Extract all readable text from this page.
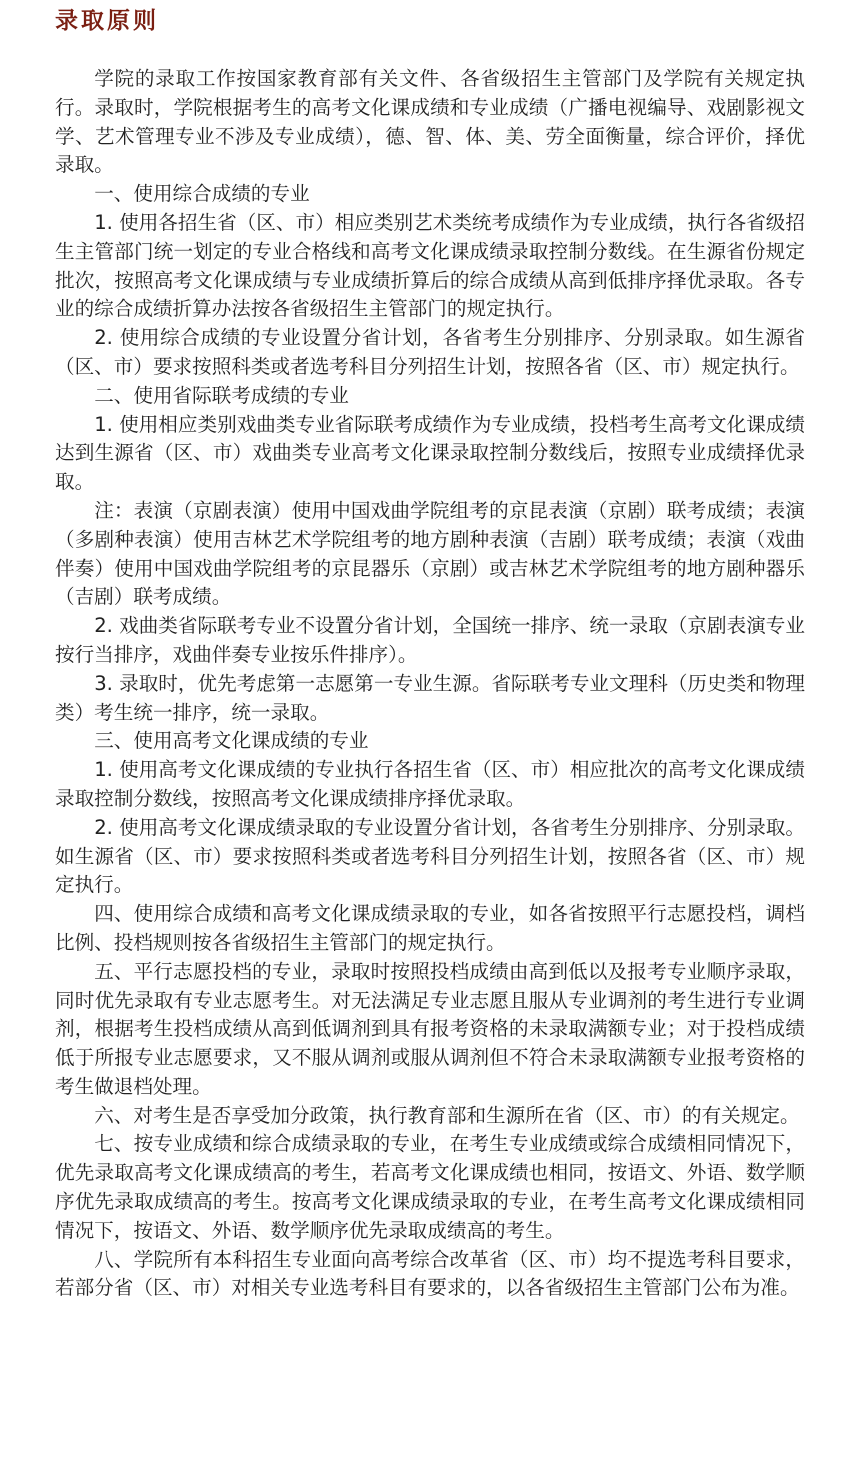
录取原则

学院的录取工作按国家教育部有关文件、各省级招生主管部门及学院有关规定执行。录取时，学院根据考生的高考文化课成绩和专业成绩（广播电视编导、戏剧影视文学、艺术管理专业不涉及专业成绩），德、智、体、美、劳全面衡量，综合评价，择优录取。

一、使用综合成绩的专业

1. 使用各招生省（区、市）相应类别艺术类统考成绩作为专业成绩，执行各省级招生主管部门统一划定的专业合格线和高考文化课成绩录取控制分数线。在生源省份规定批次，按照高考文化课成绩与专业成绩折算后的综合成绩从高到低排序择优录取。各专业的综合成绩折算办法按各省级招生主管部门的规定执行。

2. 使用综合成绩的专业设置分省计划，各省考生分别排序、分别录取。如生源省（区、市）要求按照科类或者选考科目分列招生计划，按照各省（区、市）规定执行。

二、使用省际联考成绩的专业

1. 使用相应类别戏曲类专业省际联考成绩作为专业成绩，投档考生高考文化课成绩达到生源省（区、市）戏曲类专业高考文化课录取控制分数线后，按照专业成绩择优录取。

注：表演（京剧表演）使用中国戏曲学院组考的京昆表演（京剧）联考成绩；表演（多剧种表演）使用吉林艺术学院组考的地方剧种表演（吉剧）联考成绩；表演（戏曲伴奏）使用中国戏曲学院组考的京昆器乐（京剧）或吉林艺术学院组考的地方剧种器乐（吉剧）联考成绩。

2. 戏曲类省际联考专业不设置分省计划，全国统一排序、统一录取（京剧表演专业按行当排序，戏曲伴奏专业按乐件排序）。

3. 录取时，优先考虑第一志愿第一专业生源。省际联考专业文理科（历史类和物理类）考生统一排序，统一录取。

三、使用高考文化课成绩的专业

1. 使用高考文化课成绩的专业执行各招生省（区、市）相应批次的高考文化课成绩录取控制分数线，按照高考文化课成绩排序择优录取。

2. 使用高考文化课成绩录取的专业设置分省计划，各省考生分别排序、分别录取。如生源省（区、市）要求按照科类或者选考科目分列招生计划，按照各省（区、市）规定执行。

四、使用综合成绩和高考文化课成绩录取的专业，如各省按照平行志愿投档，调档比例、投档规则按各省级招生主管部门的规定执行。

五、平行志愿投档的专业，录取时按照投档成绩由高到低以及报考专业顺序录取，同时优先录取有专业志愿考生。对无法满足专业志愿且服从专业调剂的考生进行专业调剂，根据考生投档成绩从高到低调剂到具有报考资格的未录取满额专业；对于投档成绩低于所报专业志愿要求，又不服从调剂或服从调剂但不符合未录取满额专业报考资格的考生做退档处理。

六、对考生是否享受加分政策，执行教育部和生源所在省（区、市）的有关规定。

七、按专业成绩和综合成绩录取的专业，在考生专业成绩或综合成绩相同情况下，优先录取高考文化课成绩高的考生，若高考文化课成绩也相同，按语文、外语、数学顺序优先录取成绩高的考生。按高考文化课成绩录取的专业，在考生高考文化课成绩相同情况下，按语文、外语、数学顺序优先录取成绩高的考生。

八、学院所有本科招生专业面向高考综合改革省（区、市）均不提选考科目要求，若部分省（区、市）对相关专业选考科目有要求的，以各省级招生主管部门公布为准。
